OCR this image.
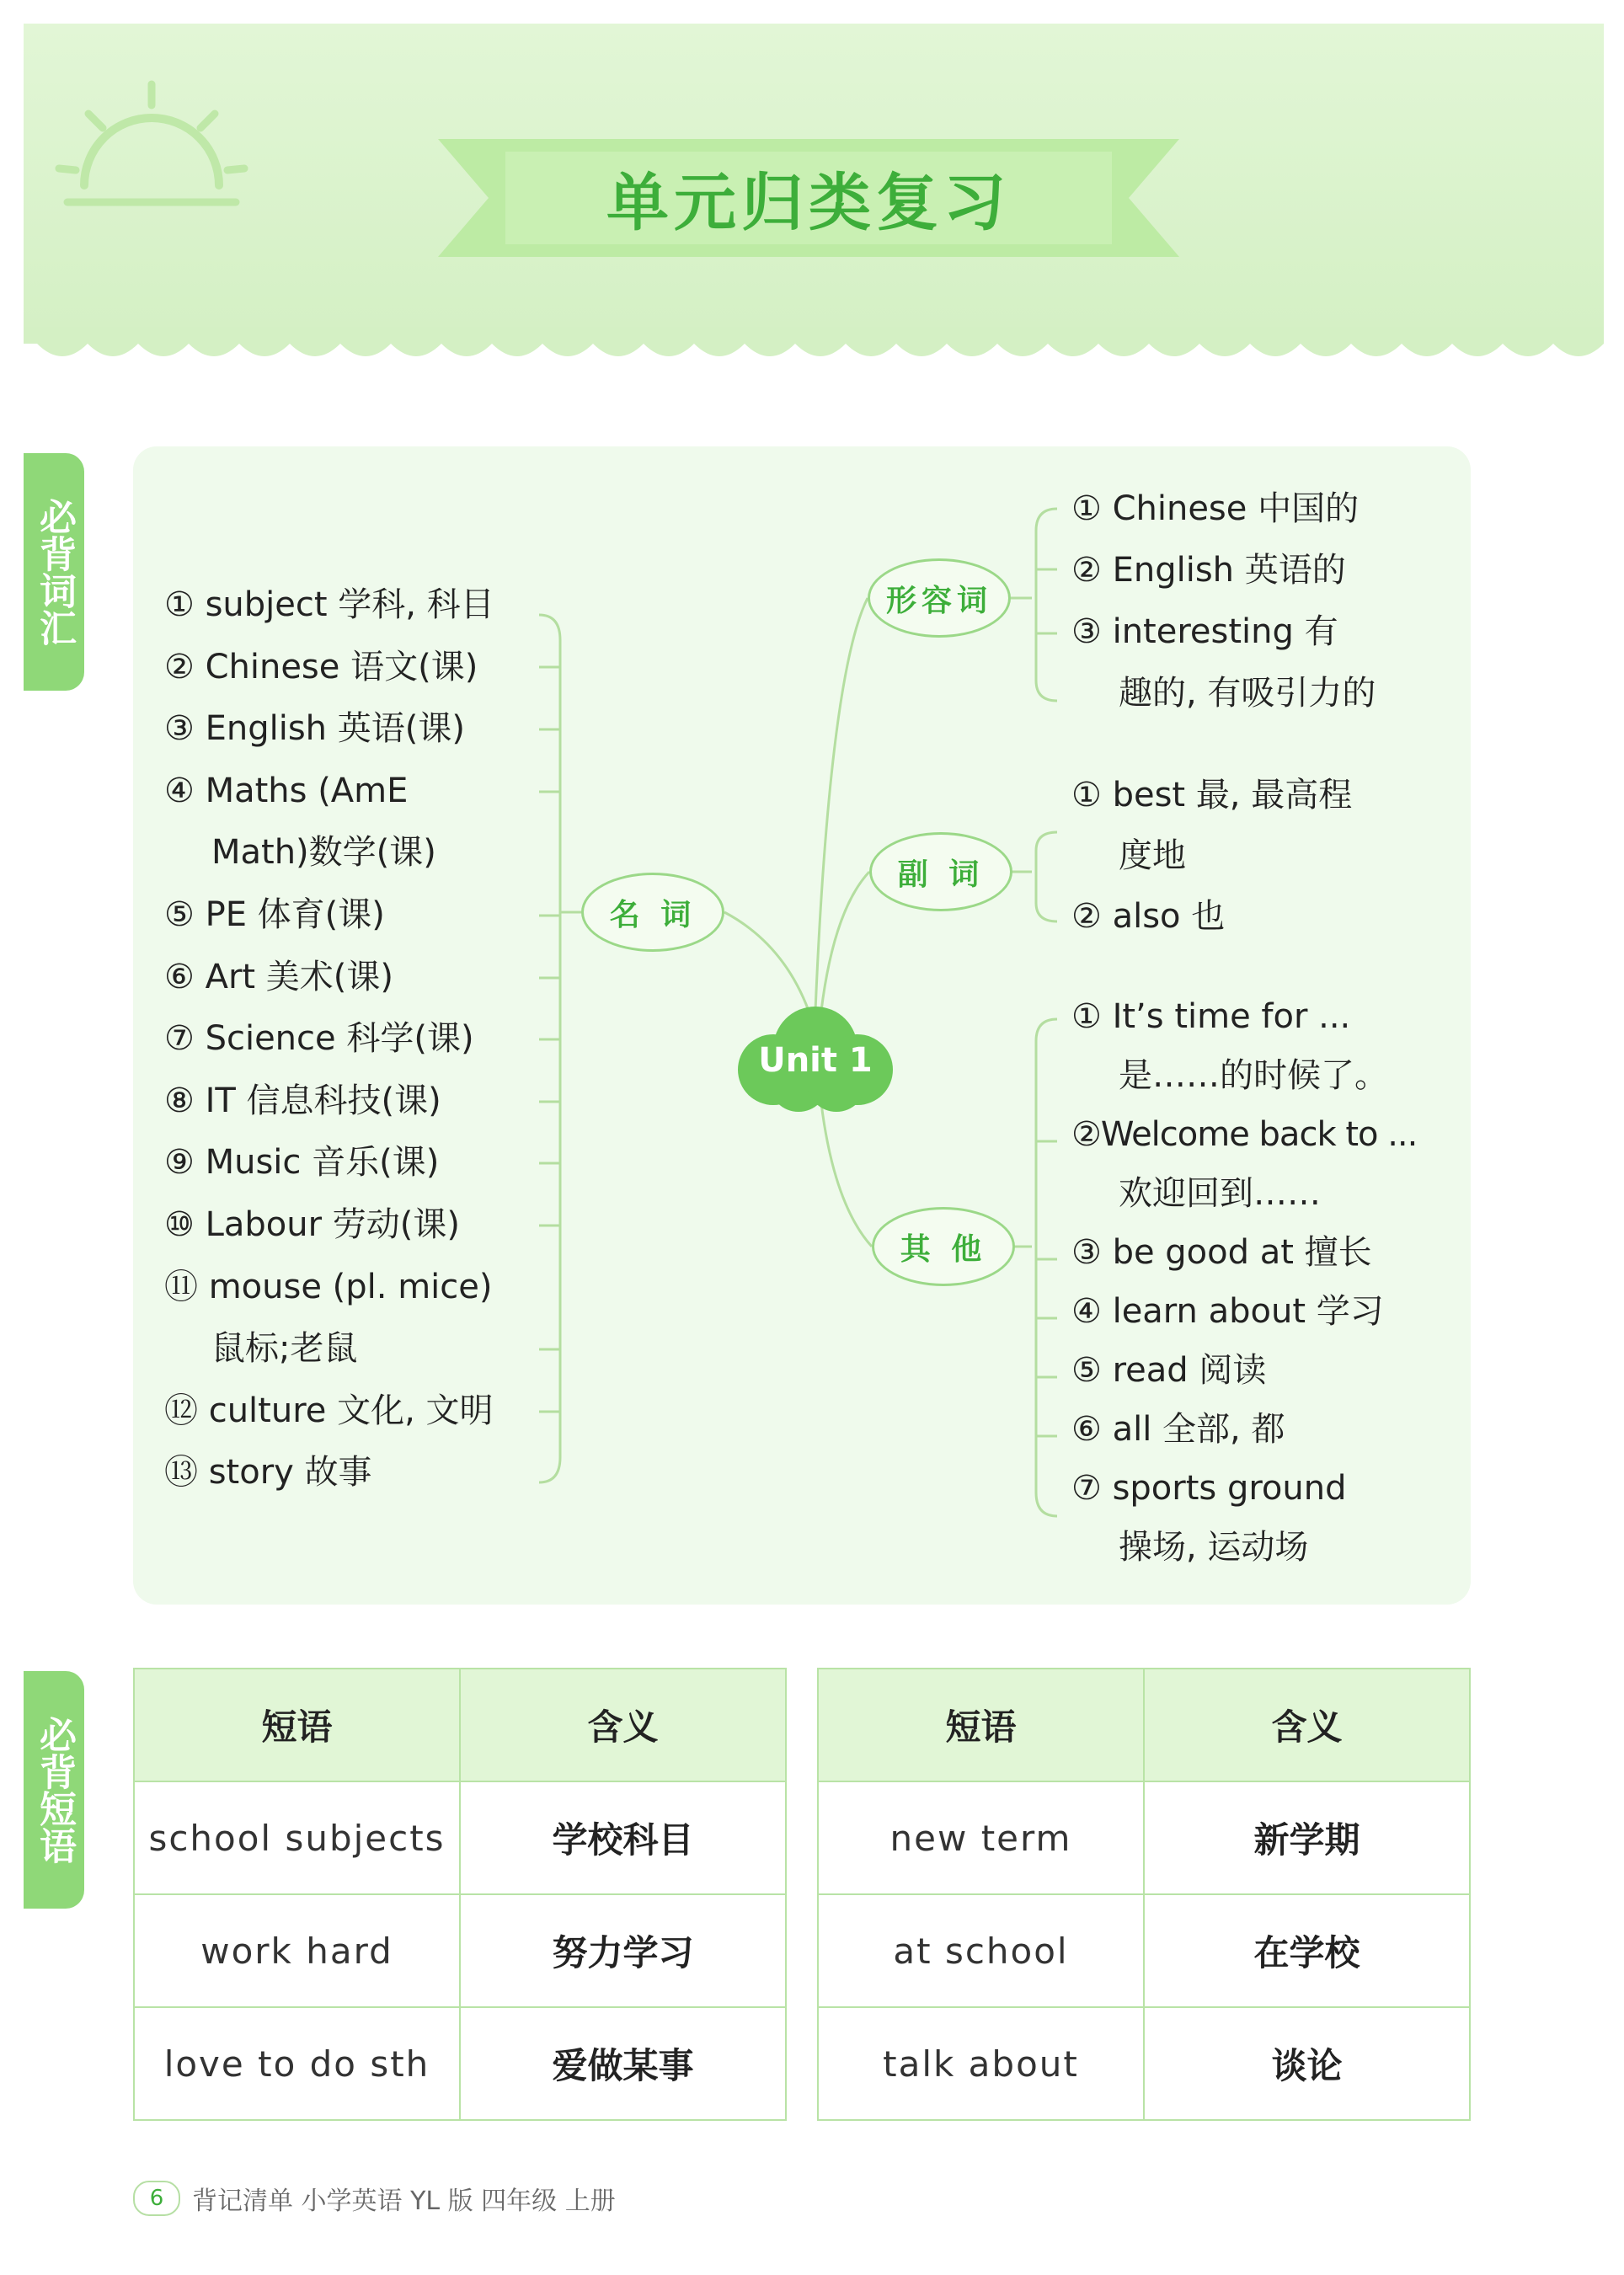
单元归类复习
必背词汇
必背短语
形容词
副 词
名 词
其 他
Unit 1
① subject 学科, 科目
② Chinese 语文(课)
③ English 英语(课)
④ Maths (AmE
Math)数学(课)
⑤ PE 体育(课)
⑥ Art 美术(课)
⑦ Science 科学(课)
⑧ IT 信息科技(课)
⑨ Music 音乐(课)
⑩ Labour 劳动(课)
⑪ mouse (pl. mice)
鼠标;老鼠
⑫ culture 文化, 文明
⑬ story 故事
① Chinese 中国的
② English 英语的
③ interesting 有
趣的, 有吸引力的
① best 最, 最高程
度地
② also 也
① It’s time for ...
是……的时候了。
②Welcome back to ...
欢迎回到……
③ be good at 擅长
④ learn about 学习
⑤ read 阅读
⑥ all 全部, 都
⑦ sports ground
操场, 运动场
短语	含义		短语	含义
school subjects	学校科目		new term	新学期
work hard	努力学习		at school	在学校
love to do sth	爱做某事		talk about	谈论
6	背记清单 小学英语 YL 版 四年级 上册
